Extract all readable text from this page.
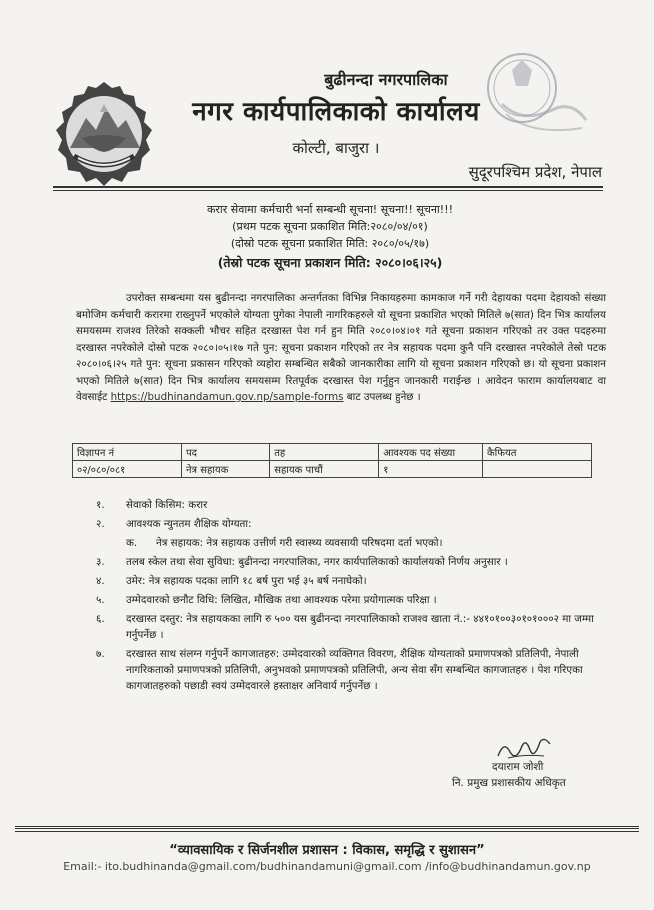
बुढीनन्दा नगरपालिका
नगर कार्यपालिकाको कार्यालय
कोल्टी, बाजुरा ।
सुदूरपश्चिम प्रदेश, नेपाल
करार सेवामा कर्मचारी भर्ना सम्बन्धी सूचना! सूचना!! सूचना!!!
(प्रथम पटक सूचना प्रकाशित मिति:२०८०/०४/०१)
(दोस्रो पटक सूचना प्रकाशित मिति: २०८०/०५/१७)
(तेस्रो पटक सूचना प्रकाशन मिति: २०८०।०६।२५)
उपरोक्त सम्बन्धमा यस बुढीनन्दा नगरपालिका अन्तर्गतका विभिन्न निकायहरुमा कामकाज गर्ने गरी देहायका पदमा देहायको संख्या बमोजिम कर्मचारी करारमा राख्नुपर्ने भएकोले योग्यता पुगेका नेपाली नागरिकहरुले यो सूचना प्रकाशित भएको मितिले ७(सात) दिन भित्र कार्यालय समयसम्म राजश्व तिरेको सक्कली भौचर सहित दरखास्त पेश गर्न हुन मिति २०८०।०४।०१ गते सूचना प्रकाशन गरिएको तर उक्त पदहरुमा दरखास्त नपरेकोले दोस्रो पटक २०८०।०५।१७ गते पुन: सूचना प्रकाशन गरिएको तर नेत्र सहायक पदमा कुनै पनि दरखास्त नपरेकोले तेस्रो पटक २०८०।०६।२५ गते पुन: सूचना प्रकासन गरिएको व्यहोरा सम्बन्धित सबैको जानकारीका लागि यो सूचना प्रकाशन गरिएको छ। यो सूचना प्रकाशन भएको मितिले ७(सात) दिन भित्र कार्यालय समयसम्म रितपूर्वक दरखास्त पेश गर्नुहुन जानकारी गराईन्छ । आवेदन फाराम कार्यालयबाट वा वेवसाईट https://budhinandamun.gov.np/sample-forms बाट उपलब्ध हुनेछ ।
विज्ञापन नं	पद	तह	आवश्यक पद संख्या	कैफियत
०२/०८०/०८१	नेत्र सहायक	सहायक पाचौं	१	
१.	सेवाको किसिम: करार
२.	आवश्यक न्युनतम शैक्षिक योग्यता:
क.	नेत्र सहायक: नेत्र सहायक उत्तीर्ण गरी स्वास्थ्य व्यवसायी परिषदमा दर्ता भएको।
३.	तलब स्केल तथा सेवा सुविधा: बुढीनन्दा नगरपालिका, नगर कार्यपालिकाको कार्यालयको निर्णय अनुसार ।
४.	उमेर: नेत्र सहायक पदका लागि १८ बर्ष पुरा भई ३५ बर्ष ननाघेको।
५.	उम्मेदवारको छनौट विधि: लिखित, मौखिक तथा आवश्यक परेमा प्रयोगात्मक परिक्षा ।
६.	दरखास्त दस्तुर: नेत्र सहायकका लागि रु ५०० यस बुढीनन्दा नगरपालिकाको राजश्व खाता नं.:- ४४१०१००३०१०१०००२ मा जम्मा गर्नुपर्नेछ ।
७.	दरखास्त साथ संलग्न गर्नुपर्ने कागजातहरु: उम्मेदवारको व्यक्तिगत विवरण, शैक्षिक योग्यताको प्रमाणपत्रको प्रतिलिपी, नेपाली नागरिकताको प्रमाणपत्रको प्रतिलिपी, अनुभवको प्रमाणपत्रको प्रतिलिपी, अन्य सेवा सँग सम्बन्धित कागजातहरु । पेश गरिएका कागजातहरुको पछाडी स्वयं उम्मेदवारले हस्ताक्षर अनिवार्य गर्नुपर्नेछ ।
दयाराम जोशी
नि. प्रमुख प्रशासकीय अधिकृत
“व्यावसायिक र सिर्जनशील प्रशासन : विकास, समृद्धि र सुशासन”
Email:- ito.budhinanda@gmail.com/budhinandamuni@gmail.com /info@budhinandamun.gov.np
